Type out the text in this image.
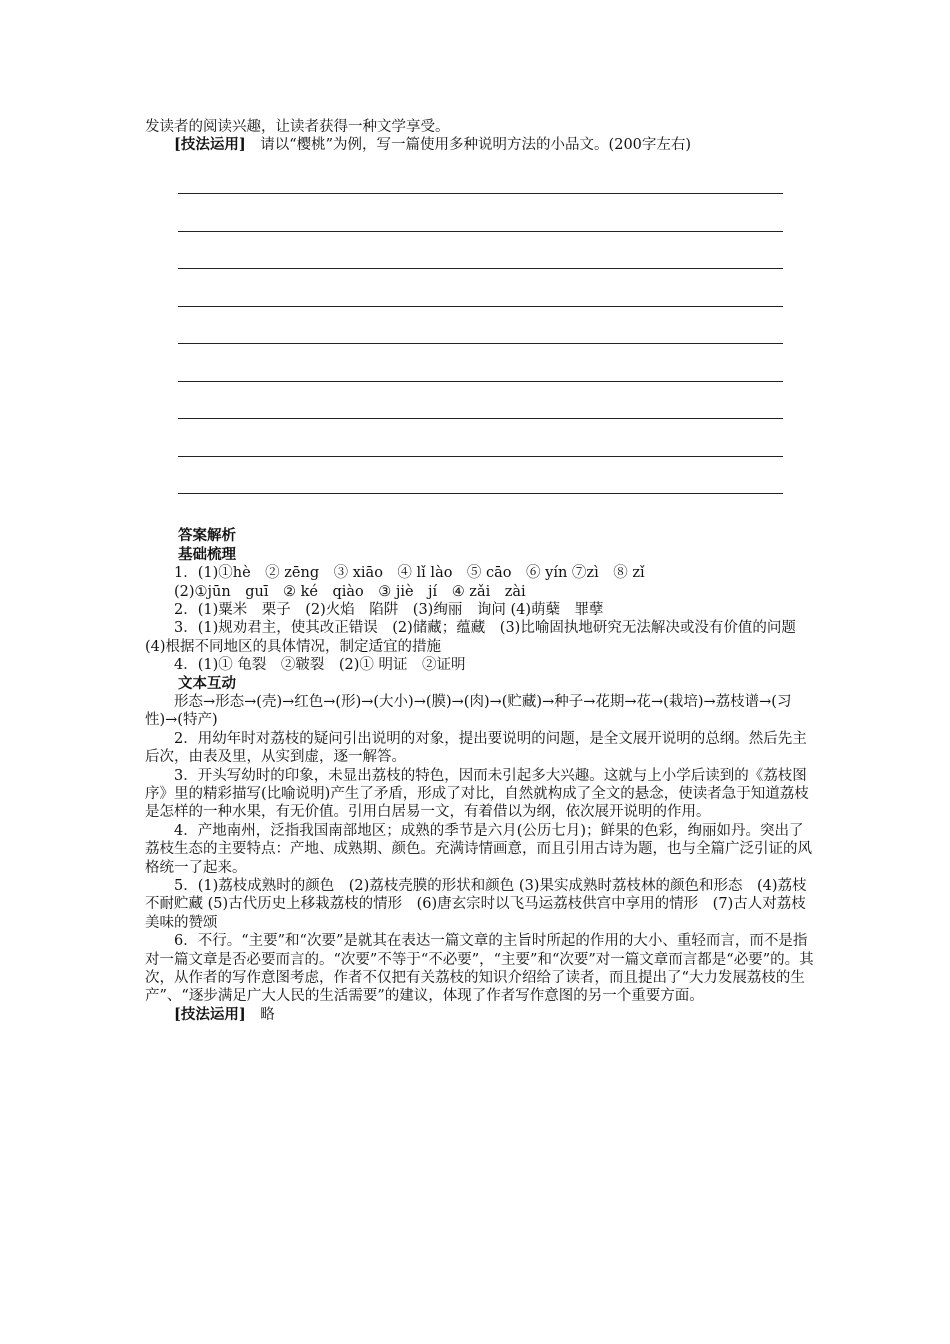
发读者的阅读兴趣，让读者获得一种文学享受。

[技法运用]　 请以“樱桃”为例，写一篇使用多种说明方法的小品文。(200字左右)

答案解析

基础梳理

1．(1)①hè　② zēng　③ xiāo　④ lǐ lào　⑤ cāo　⑥ yín ⑦zì　⑧ zǐ

(2)①jūn　guī　② ké　qiào　③ jiè　jí　④ zǎi　zài

2．(1)粟米　栗子　(2)火焰　陷阱　(3)绚丽　询问 (4)萌蘖　罪孽

3．(1)规劝君主，使其改正错误　(2)储藏；蕴藏　(3)比喻固执地研究无法解决或没有价值的问题　(4)根据不同地区的具体情况，制定适宜的措施

4．(1)① 龟裂　②皲裂　(2)① 明证　②证明

文本互动

形态→形态→(壳)→红色→(形)→(大小)→(膜)→(肉)→(贮藏)→种子→花期→花→(栽培)→荔枝谱→(习性)→(特产)

2．用幼年时对荔枝的疑问引出说明的对象，提出要说明的问题，是全文展开说明的总纲。然后先主后次，由表及里，从实到虚，逐一解答。

3．开头写幼时的印象，未显出荔枝的特色，因而未引起多大兴趣。这就与上小学后读到的《荔枝图序》里的精彩描写(比喻说明)产生了矛盾，形成了对比，自然就构成了全文的悬念，使读者急于知道荔枝是怎样的一种水果，有无价值。引用白居易一文，有着借以为纲，依次展开说明的作用。

4．产地南州，泛指我国南部地区；成熟的季节是六月(公历七月)；鲜果的色彩，绚丽如丹。突出了荔枝生态的主要特点：产地、成熟期、颜色。充满诗情画意，而且引用古诗为题，也与全篇广泛引证的风格统一了起来。

5．(1)荔枝成熟时的颜色　(2)荔枝壳膜的形状和颜色 (3)果实成熟时荔枝林的颜色和形态　(4)荔枝不耐贮藏 (5)古代历史上移栽荔枝的情形　(6)唐玄宗时以飞马运荔枝供宫中享用的情形　(7)古人对荔枝美味的赞颂

6．不行。“主要”和“次要”是就其在表达一篇文章的主旨时所起的作用的大小、重轻而言，而不是指对一篇文章是否必要而言的。“次要”不等于“不必要”，“主要”和“次要”对一篇文章而言都是“必要”的。其次，从作者的写作意图考虑，作者不仅把有关荔枝的知识介绍给了读者，而且提出了“大力发展荔枝的生产”、“逐步满足广大人民的生活需要”的建议，体现了作者写作意图的另一个重要方面。

[技法运用]　 略
